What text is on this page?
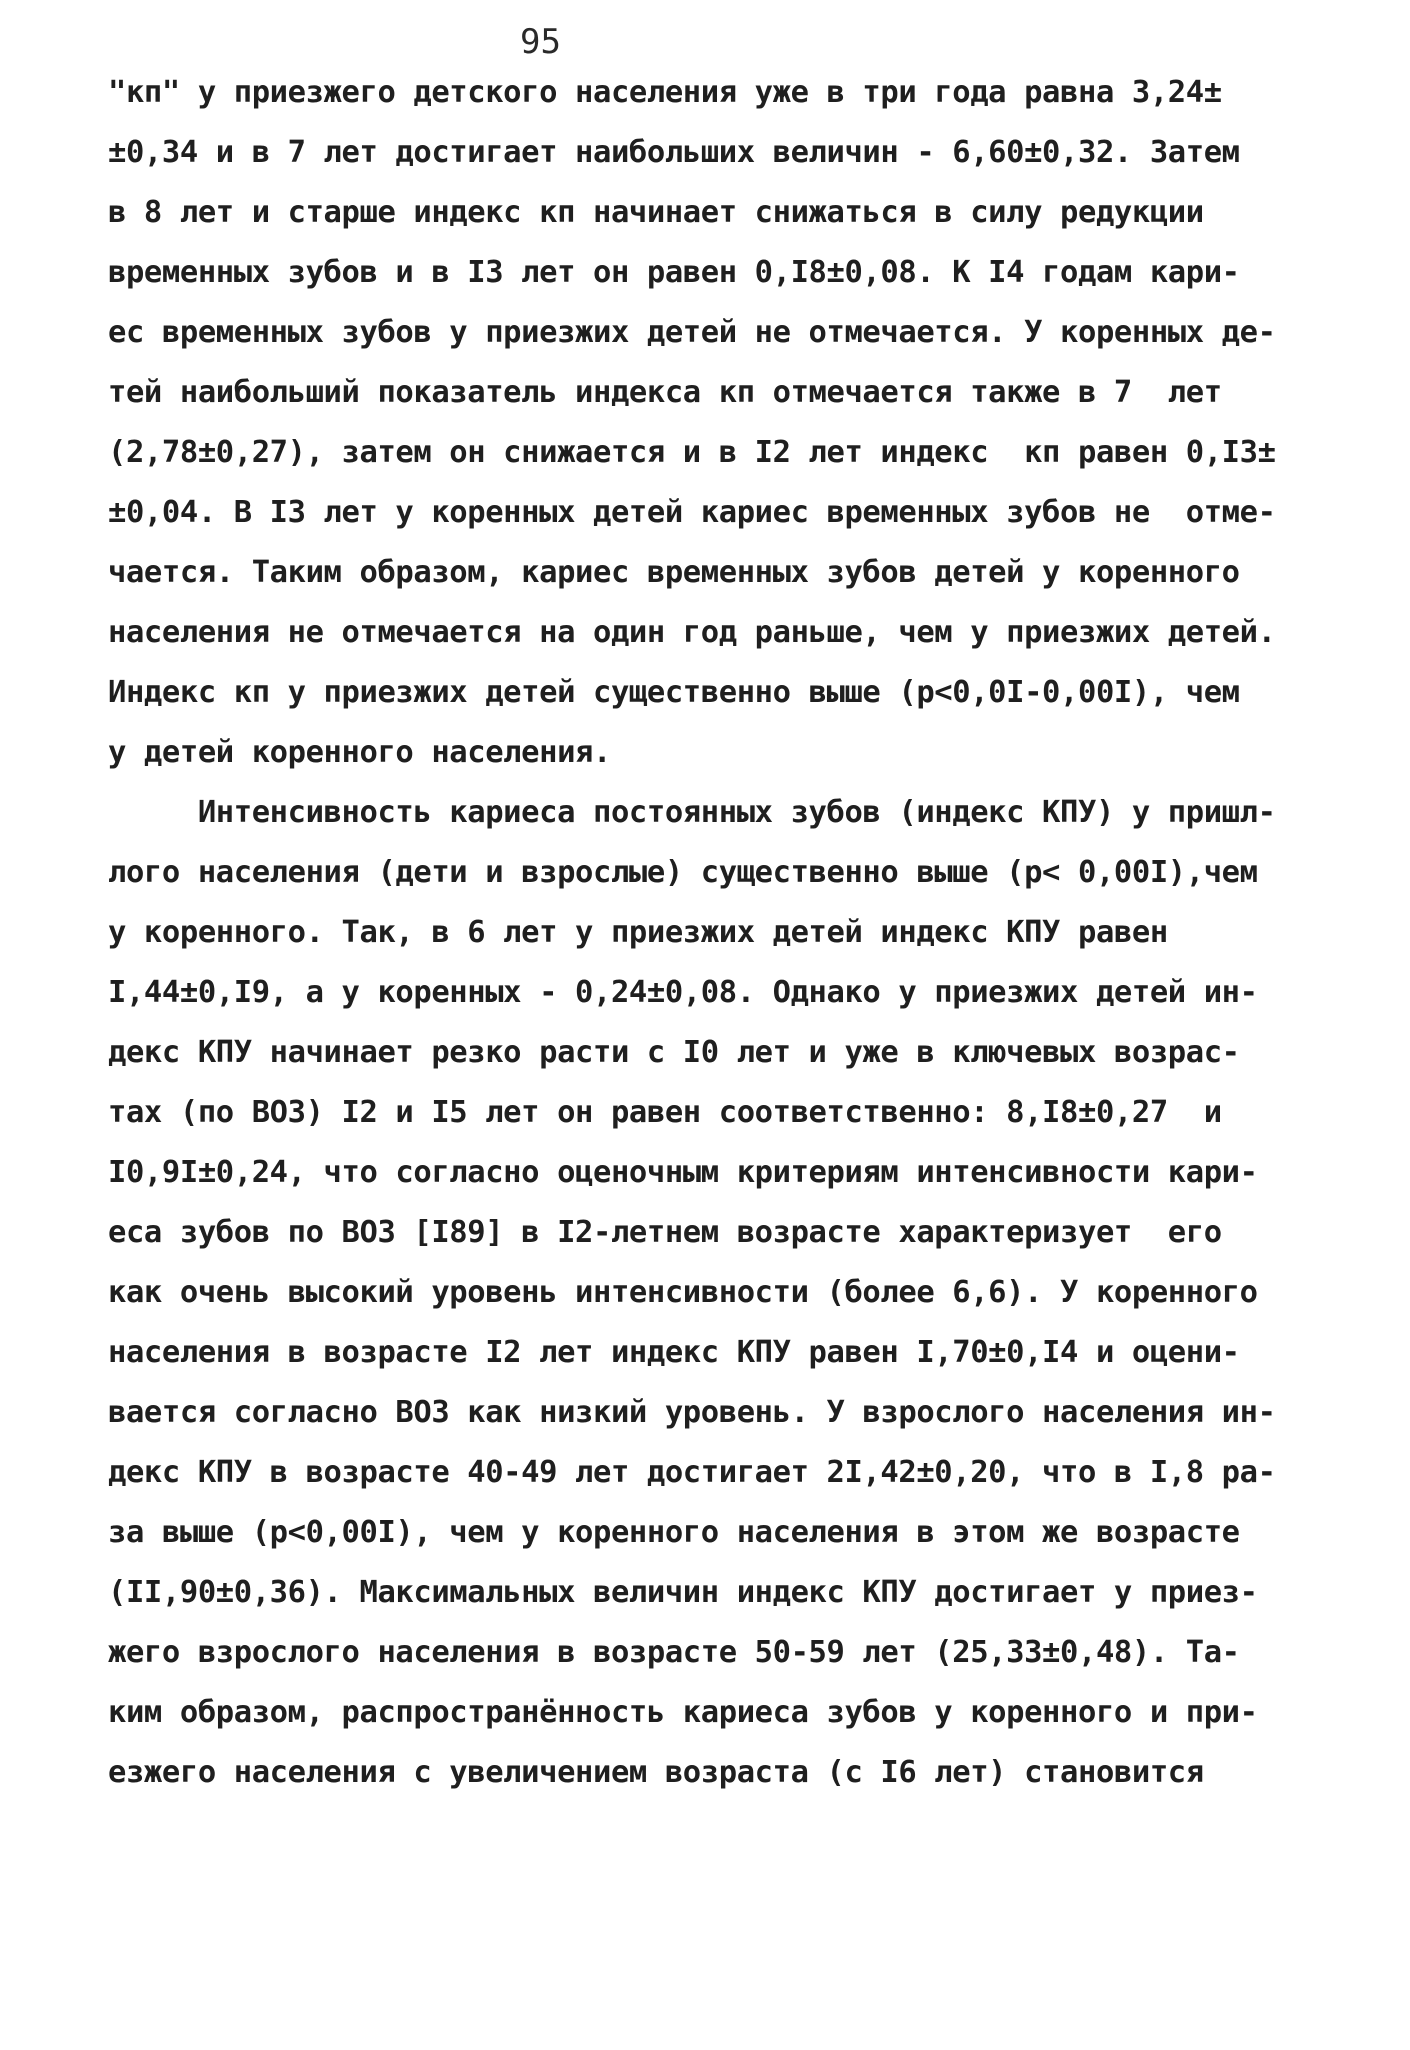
95
"кп" у приезжего детского населения уже в три года равна 3,24±
±0,34 и в 7 лет достигает наибольших величин - 6,60±0,32. Затем
в 8 лет и старше индекс кп начинает снижаться в силу редукции
временных зубов и в I3 лет он равен 0,I8±0,08. К I4 годам кари-
ес временных зубов у приезжих детей не отмечается. У коренных де-
тей наибольший показатель индекса кп отмечается также в 7  лет
(2,78±0,27), затем он снижается и в I2 лет индекс  кп равен 0,I3±
±0,04. В I3 лет у коренных детей кариес временных зубов не  отме-
чается. Таким образом, кариес временных зубов детей у коренного
населения не отмечается на один год раньше, чем у приезжих детей.
Индекс кп у приезжих детей существенно выше (р<0,0I-0,00I), чем
у детей коренного населения.
Интенсивность кариеса постоянных зубов (индекс КПУ) у пришл-
лого населения (дети и взрослые) существенно выше (р< 0,00I),чем
у коренного. Так, в 6 лет у приезжих детей индекс КПУ равен
I,44±0,I9, а у коренных - 0,24±0,08. Однако у приезжих детей ин-
декс КПУ начинает резко расти с I0 лет и уже в ключевых возрас-
тах (по ВОЗ) I2 и I5 лет он равен соответственно: 8,I8±0,27  и
I0,9I±0,24, что согласно оценочным критериям интенсивности кари-
еса зубов по ВОЗ [I89] в I2-летнем возрасте характеризует  его
как очень высокий уровень интенсивности (более 6,6). У коренного
населения в возрасте I2 лет индекс КПУ равен I,70±0,I4 и оцени-
вается согласно ВОЗ как низкий уровень. У взрослого населения ин-
декс КПУ в возрасте 40-49 лет достигает 2I,42±0,20, что в I,8 ра-
за выше (р<0,00I), чем у коренного населения в этом же возрасте
(II,90±0,36). Максимальных величин индекс КПУ достигает у приез-
жего взрослого населения в возрасте 50-59 лет (25,33±0,48). Та-
ким образом, распространённость кариеса зубов у коренного и при-
езжего населения с увеличением возраста (с I6 лет) становится
